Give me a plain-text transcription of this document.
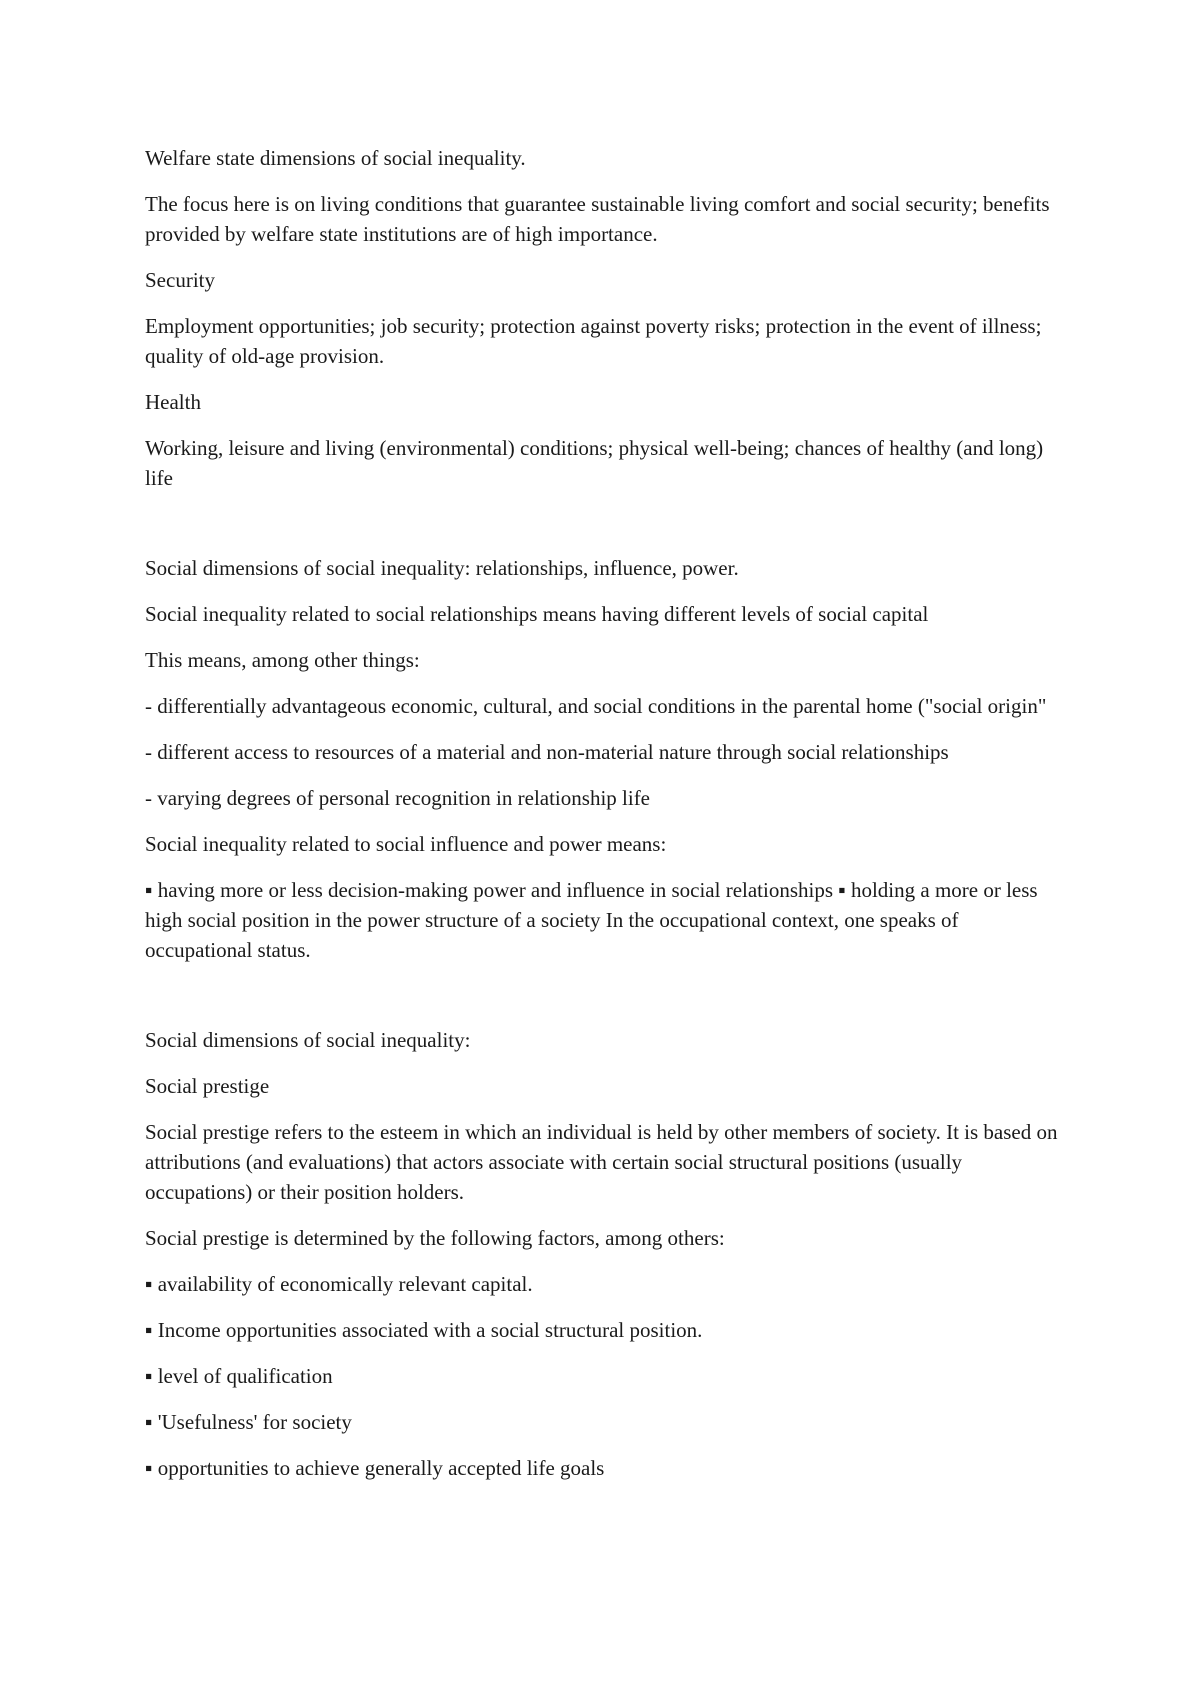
Welfare state dimensions of social inequality.

The focus here is on living conditions that guarantee sustainable living comfort and social security; benefits provided by welfare state institutions are of high importance.

Security

Employment opportunities; job security; protection against poverty risks; protection in the event of illness; quality of old-age provision.

Health

Working, leisure and living (environmental) conditions; physical well-being; chances of healthy (and long) life

Social dimensions of social inequality: relationships, influence, power.

Social inequality related to social relationships means having different levels of social capital

This means, among other things:

- differentially advantageous economic, cultural, and social conditions in the parental home ("social origin"

- different access to resources of a material and non-material nature through social relationships

- varying degrees of personal recognition in relationship life

Social inequality related to social influence and power means:

▪ having more or less decision-making power and influence in social relationships ▪ holding a more or less high social position in the power structure of a society In the occupational context, one speaks of occupational status.

Social dimensions of social inequality:

Social prestige

Social prestige refers to the esteem in which an individual is held by other members of society. It is based on attributions (and evaluations) that actors associate with certain social structural positions (usually occupations) or their position holders.

Social prestige is determined by the following factors, among others:

▪ availability of economically relevant capital.

▪ Income opportunities associated with a social structural position.

▪ level of qualification

▪ 'Usefulness' for society

▪ opportunities to achieve generally accepted life goals
